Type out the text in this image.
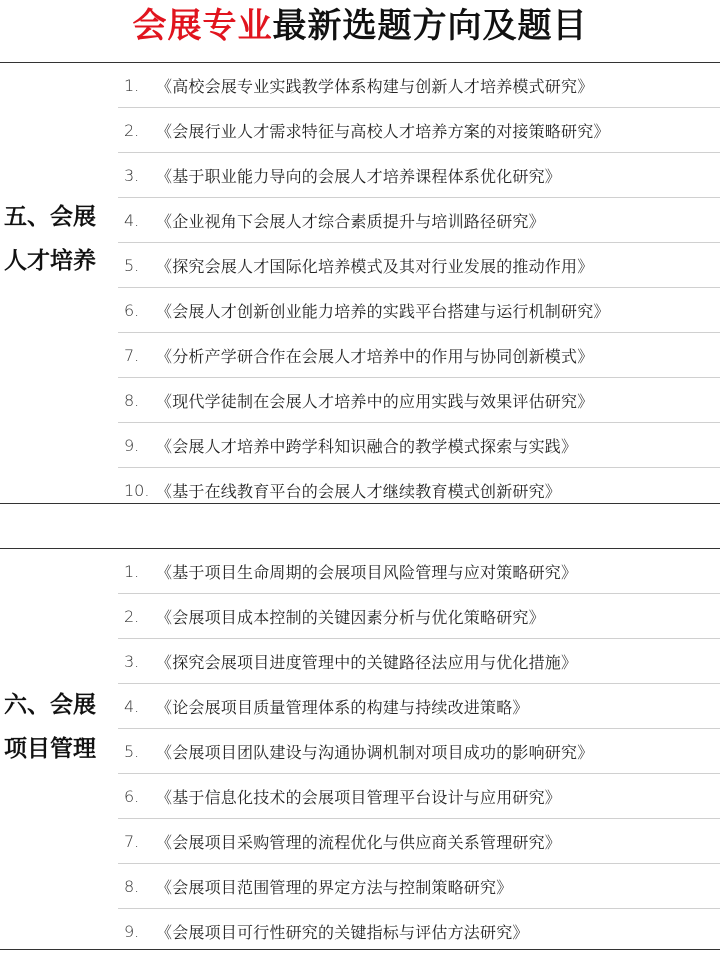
会展专业最新选题方向及题目
五、会展
人才培养
1.	《高校会展专业实践教学体系构建与创新人才培养模式研究》
2.	《会展行业人才需求特征与高校人才培养方案的对接策略研究》
3.	《基于职业能力导向的会展人才培养课程体系优化研究》
4.	《企业视角下会展人才综合素质提升与培训路径研究》
5.	《探究会展人才国际化培养模式及其对行业发展的推动作用》
6.	《会展人才创新创业能力培养的实践平台搭建与运行机制研究》
7.	《分析产学研合作在会展人才培养中的作用与协同创新模式》
8.	《现代学徒制在会展人才培养中的应用实践与效果评估研究》
9.	《会展人才培养中跨学科知识融合的教学模式探索与实践》
10. 《基于在线教育平台的会展人才继续教育模式创新研究》
六、会展
项目管理
1.	《基于项目生命周期的会展项目风险管理与应对策略研究》
2.	《会展项目成本控制的关键因素分析与优化策略研究》
3.	《探究会展项目进度管理中的关键路径法应用与优化措施》
4.	《论会展项目质量管理体系的构建与持续改进策略》
5.	《会展项目团队建设与沟通协调机制对项目成功的影响研究》
6.	《基于信息化技术的会展项目管理平台设计与应用研究》
7.	《会展项目采购管理的流程优化与供应商关系管理研究》
8.	《会展项目范围管理的界定方法与控制策略研究》
9.	《会展项目可行性研究的关键指标与评估方法研究》
